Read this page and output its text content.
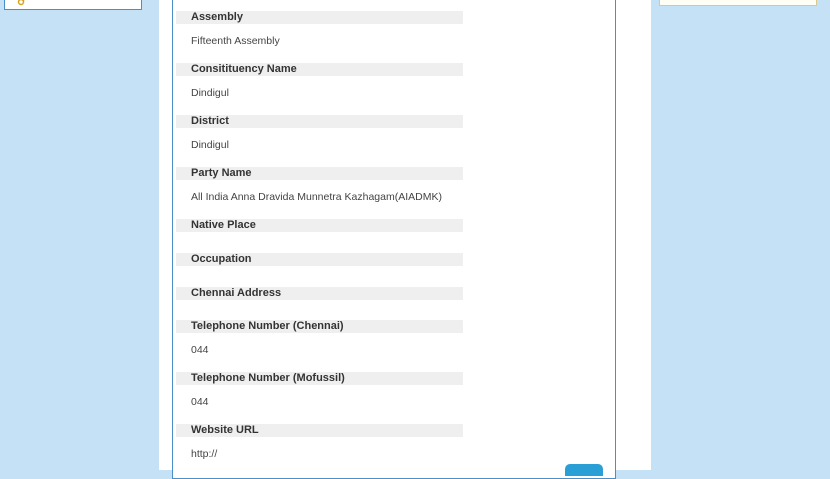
Assembly
Fifteenth Assembly
Consitituency Name
Dindigul
District
Dindigul
Party Name
All India Anna Dravida Munnetra Kazhagam(AIADMK)
Native Place
Occupation
Chennai Address
Telephone Number (Chennai)
044
Telephone Number (Mofussil)
044
Website URL
http://
